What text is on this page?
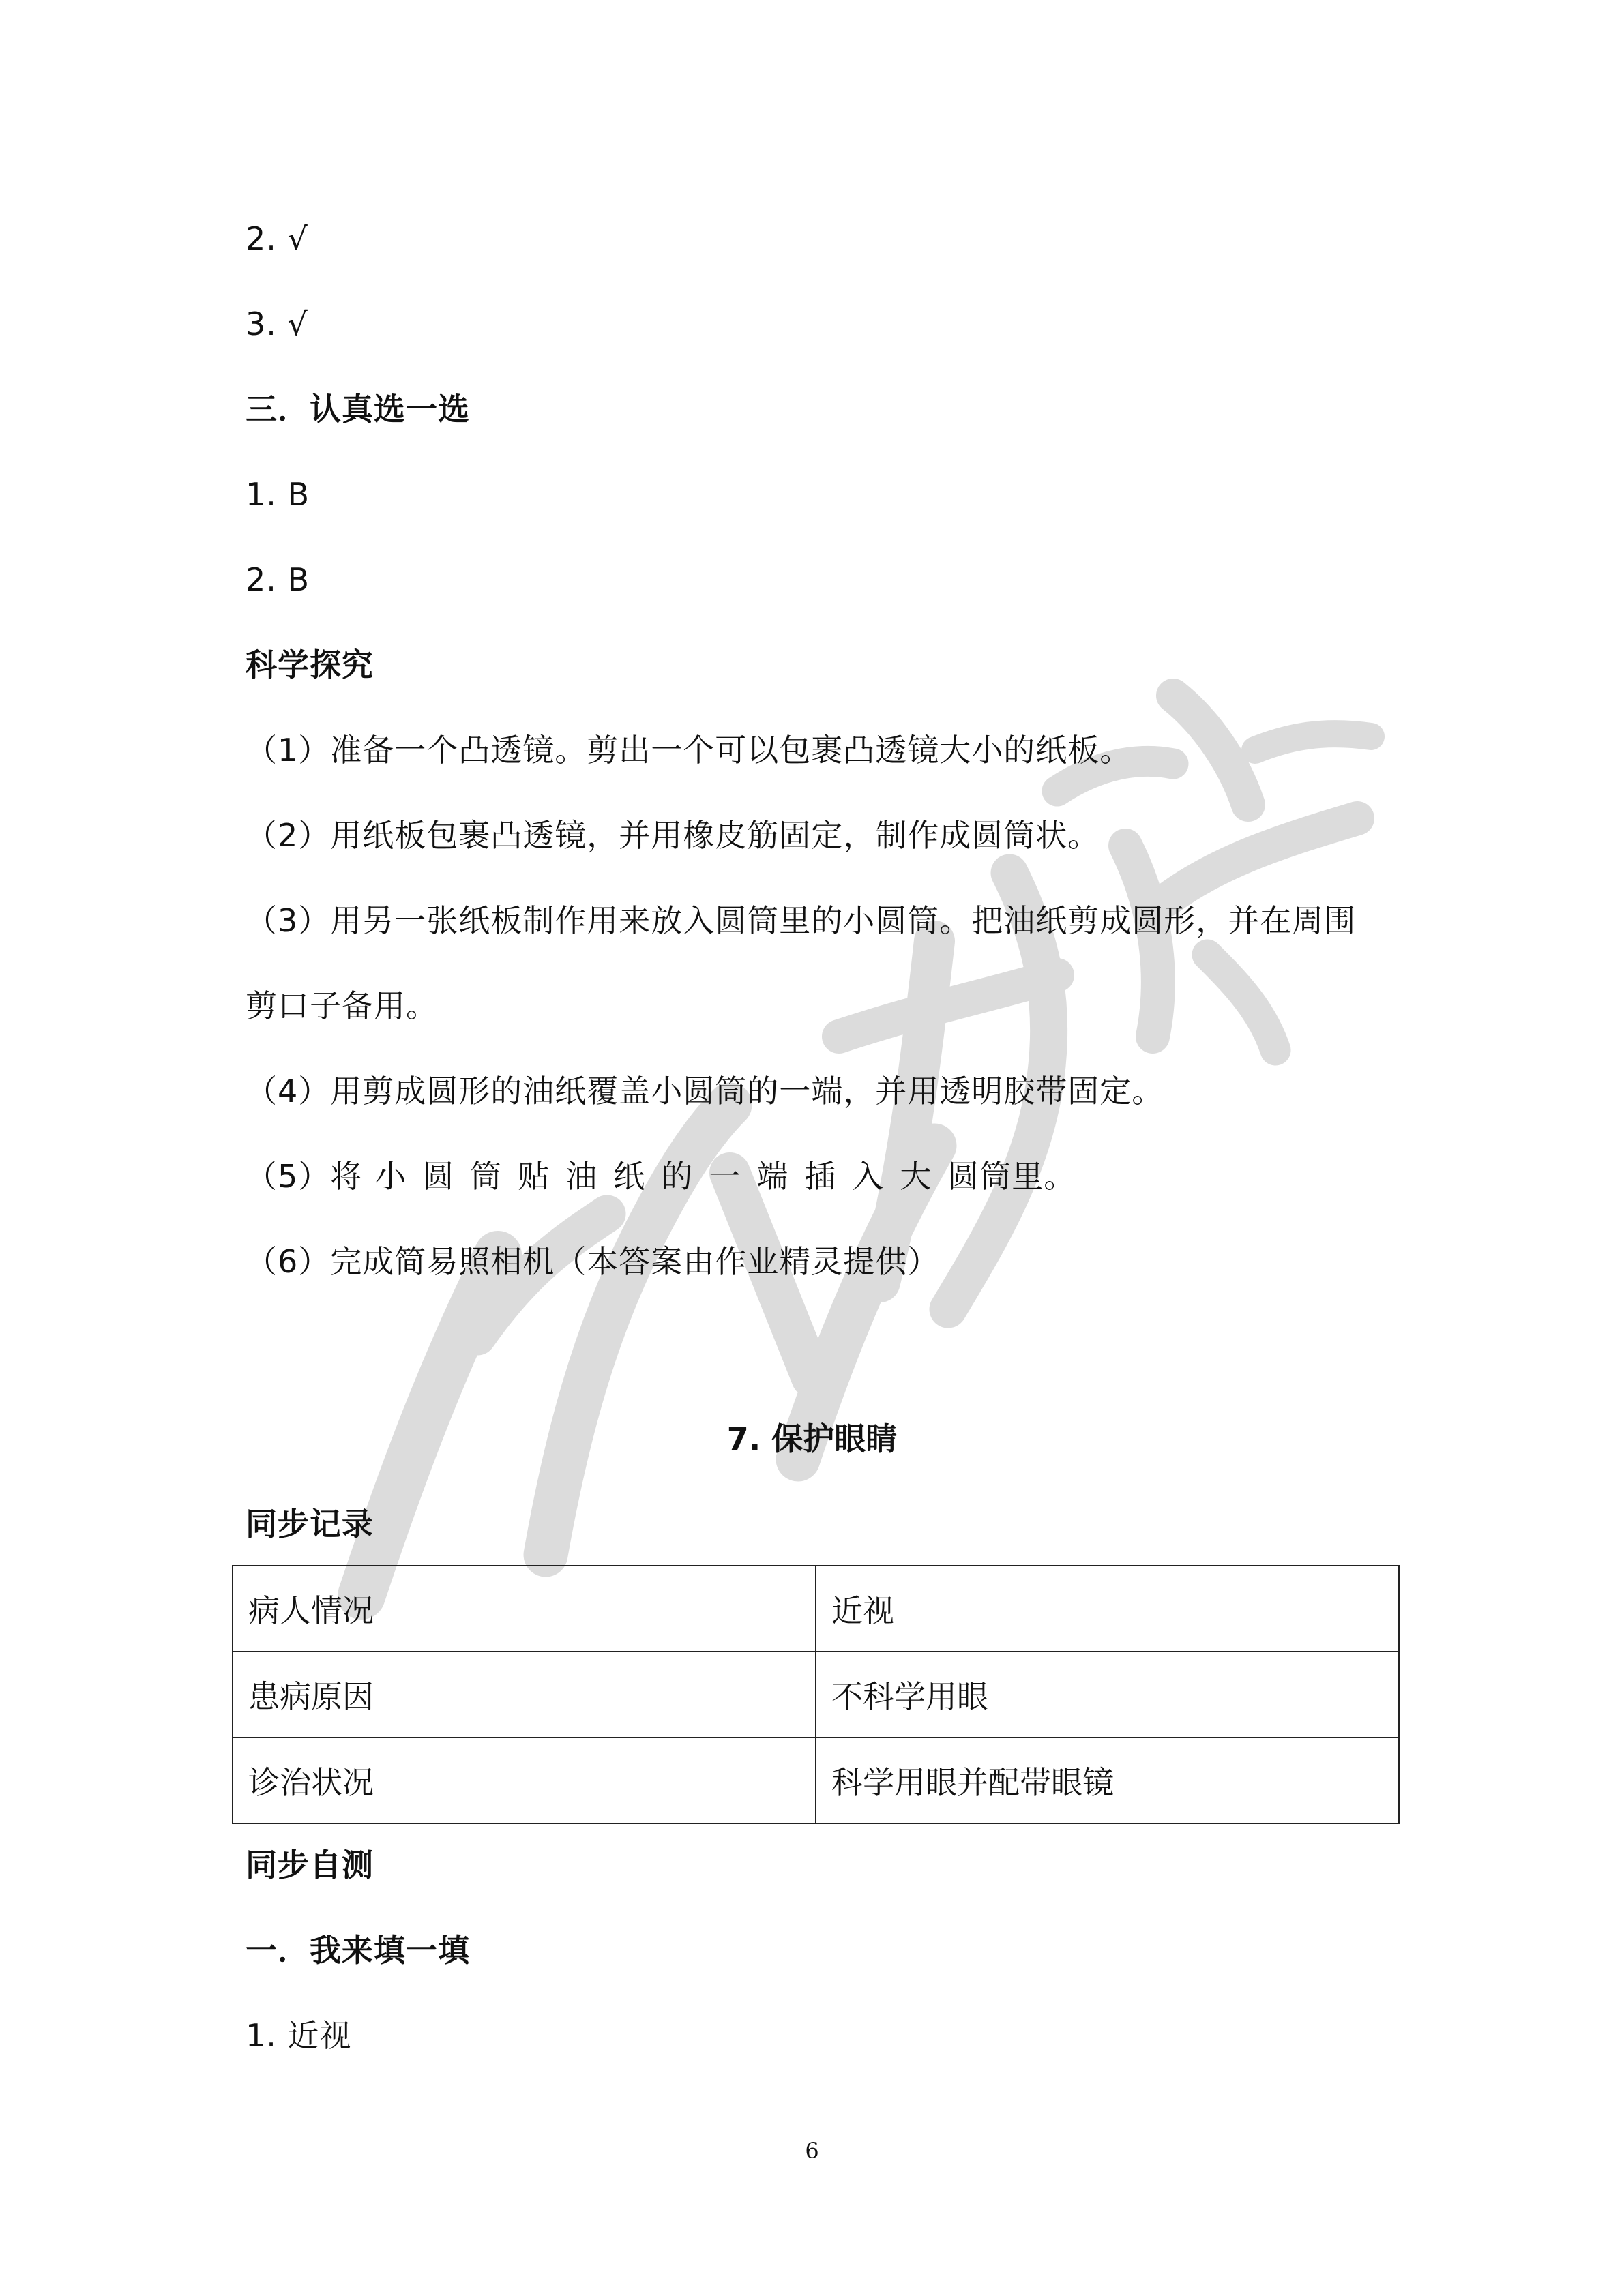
2. √
3. √
三．认真选一选
1. B
2. B
科学探究
（1）准备一个凸透镜。剪出一个可以包裹凸透镜大小的纸板。
（2）用纸板包裹凸透镜，并用橡皮筋固定，制作成圆筒状。
（3）用另一张纸板制作用来放入圆筒里的小圆筒。把油纸剪成圆形，并在周围
剪口子备用。
（4）用剪成圆形的油纸覆盖小圆筒的一端，并用透明胶带固定。
（5）将 小圆筒贴油纸的一端插入大圆筒里。
（6）完成简易照相机（本答案由作业精灵提供）
7. 保护眼睛
同步记录
病人情况	近视
患病原因	不科学用眼
诊治状况	科学用眼并配带眼镜
同步自测
一．我来填一填
1. 近视
6
